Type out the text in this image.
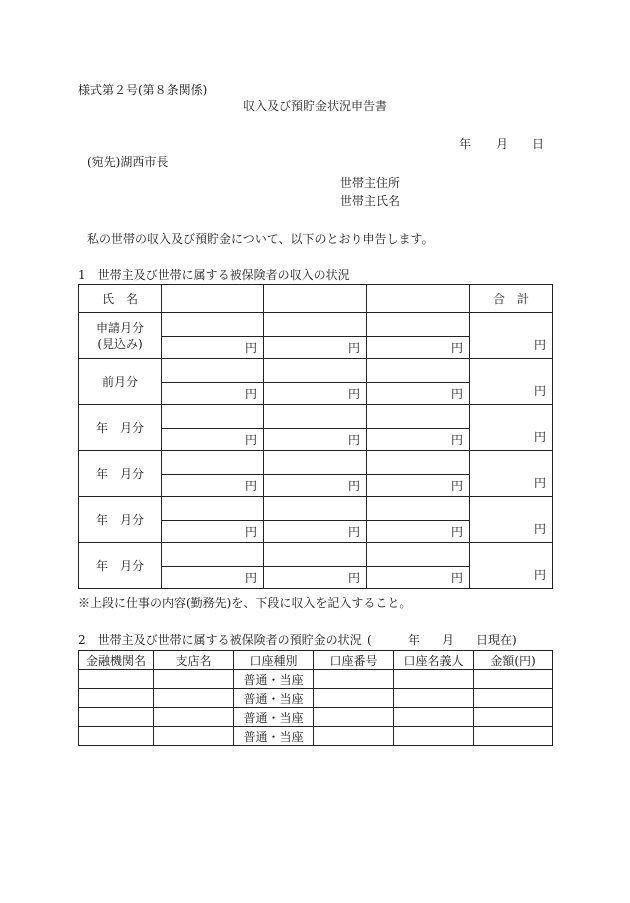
様式第２号(第８条関係)
収入及び預貯金状況申告書
年 月 日
(宛先)湖西市長
世帯主住所
世帯主氏名
私の世帯の収入及び預貯金について、以下のとおり申告します。
1　世帯主及び世帯に属する被保険者の収入の状況
氏　名				合　計

申請月分
(見込み)				円
	円	円	円	

前月分				円
	円	円	円	

年　月分				円
	円	円	円	

年　月分				円
	円	円	円	

年　月分				円
	円	円	円	

年　月分				円
	円	円	円	
※上段に仕事の内容(勤務先)を、下段に収入を記入すること。
2　世帯主及び世帯に属する被保険者の預貯金の状況 (	年 月 日現在)
金融機関名	支店名	口座種別	口座番号	口座名義人	金額(円)
		普通・当座			
		普通・当座			
		普通・当座			
		普通・当座			
